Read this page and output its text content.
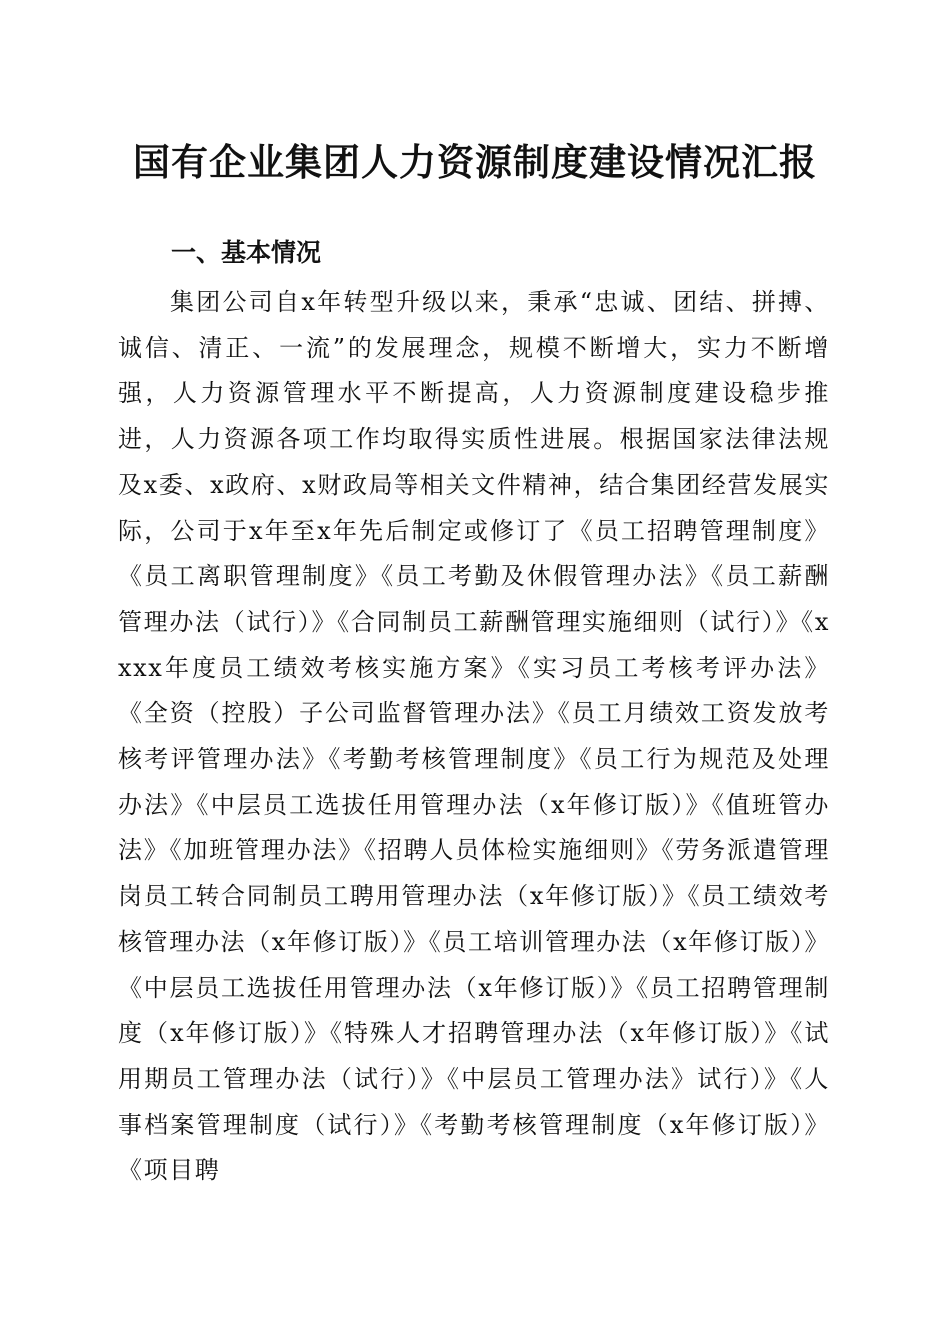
国有企业集团人力资源制度建设情况汇报
一、基本情况

集团公司自x年转型升级以来，秉承“忠诚、团结、拼搏、诚信、清正、一流”的发展理念，规模不断增大，实力不断增强，人力资源管理水平不断提高，人力资源制度建设稳步推进，人力资源各项工作均取得实质性进展。根据国家法律法规及x委、x政府、x财政局等相关文件精神，结合集团经营发展实际，公司于x年至x年先后制定或修订了《员工招聘管理制度》《员工离职管理制度》《员工考勤及休假管理办法》《员工薪酬管理办法（试行）》《合同制员工薪酬管理实施细则（试行）》《xxxx年度员工绩效考核实施方案》《实习员工考核考评办法》《全资（控股）子公司监督管理办法》《员工月绩效工资发放考核考评管理办法》《考勤考核管理制度》《员工行为规范及处理办法》《中层员工选拔任用管理办法（x年修订版）》《值班管办法》《加班管理办法》《招聘人员体检实施细则》《劳务派遣管理岗员工转合同制员工聘用管理办法（x年修订版）》《员工绩效考核管理办法（x年修订版）》《员工培训管理办法（x年修订版）》《中层员工选拔任用管理办法（x年修订版）》《员工招聘管理制度（x年修订版）》《特殊人才招聘管理办法（x年修订版）》《试用期员工管理办法（试行）》《中层员工管理办法》试行）》《人事档案管理制度（试行）》《考勤考核管理制度（x年修订版）》《项目聘
